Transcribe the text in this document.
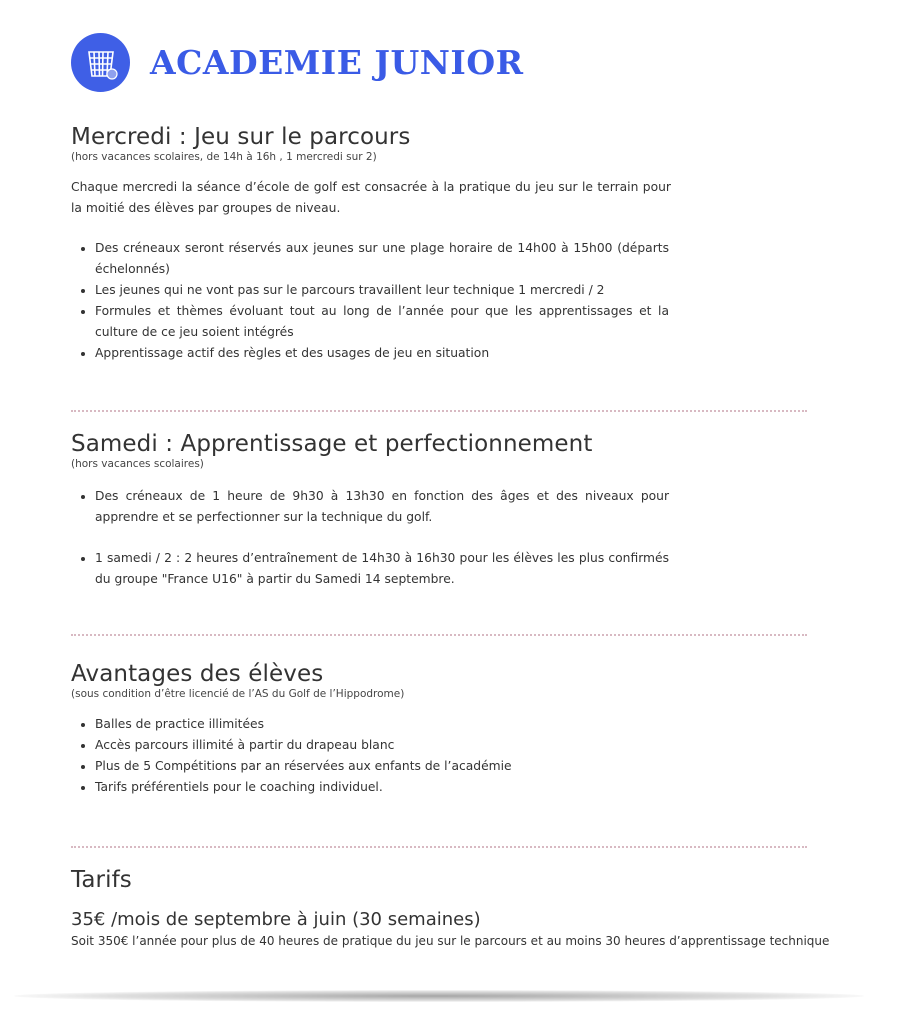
ACADEMIE JUNIOR
Mercredi : Jeu sur le parcours
(hors vacances scolaires, de 14h à 16h , 1 mercredi sur 2)

Chaque mercredi la séance d’école de golf est consacrée à la pratique du jeu sur le terrain pour la moitié des élèves par groupes de niveau.

• Des créneaux seront réservés aux jeunes sur une plage horaire de 14h00 à 15h00 (départs échelonnés)
• Les jeunes qui ne vont pas sur le parcours travaillent leur technique 1 mercredi / 2
• Formules et thèmes évoluant tout au long de l’année pour que les apprentissages et la culture de ce jeu soient intégrés
• Apprentissage actif des règles et des usages de jeu en situation
Samedi : Apprentissage et perfectionnement
(hors vacances scolaires)
• Des créneaux de 1 heure de 9h30 à 13h30 en fonction des âges et des niveaux pour apprendre et se perfectionner sur la technique du golf.
• 1 samedi / 2 : 2 heures d’entraînement de 14h30 à 16h30 pour les élèves les plus confirmés du groupe "France U16" à partir du Samedi 14 septembre.
Avantages des élèves
(sous condition d’être licencié de l’AS du Golf de l’Hippodrome)
• Balles de practice illimitées
• Accès parcours illimité à partir du drapeau blanc
• Plus de 5 Compétitions par an réservées aux enfants de l’académie
• Tarifs préférentiels pour le coaching individuel.
Tarifs
35€ /mois de septembre à juin (30 semaines)
Soit 350€ l’année pour plus de 40 heures de pratique du jeu sur le parcours et au moins 30 heures d’apprentissage technique
